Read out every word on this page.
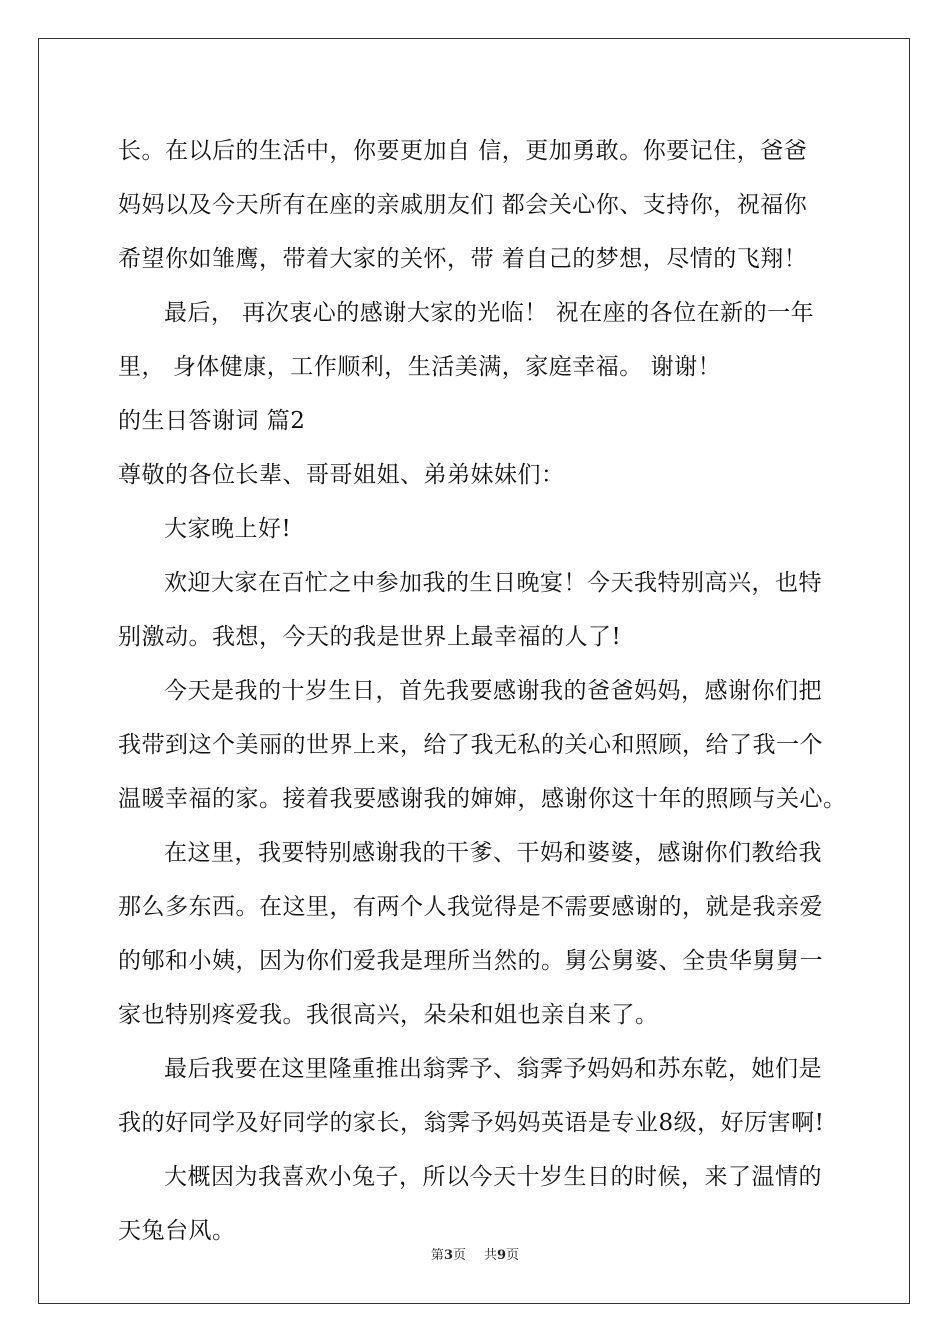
长。在以后的生活中，你要更加自 信，更加勇敢。你要记住，爸爸
妈妈以及今天所有在座的亲戚朋友们 都会关心你、支持你，祝福你
希望你如雏鹰，带着大家的关怀，带 着自己的梦想，尽情的飞翔！
最后， 再次衷心的感谢大家的光临！ 祝在座的各位在新的一年
里， 身体健康，工作顺利，生活美满，家庭幸福。 谢谢！
的生日答谢词 篇2
尊敬的各位长辈、哥哥姐姐、弟弟妹妹们：
大家晚上好!
欢迎大家在百忙之中参加我的生日晚宴！今天我特别高兴，也特
别激动。我想，今天的我是世界上最幸福的人了!
今天是我的十岁生日，首先我要感谢我的爸爸妈妈，感谢你们把
我带到这个美丽的世界上来，给了我无私的关心和照顾，给了我一个
温暖幸福的家。接着我要感谢我的婶婶，感谢你这十年的照顾与关心。
在这里，我要特别感谢我的干爹、干妈和婆婆，感谢你们教给我
那么多东西。在这里，有两个人我觉得是不需要感谢的，就是我亲爱
的郇和小姨，因为你们爱我是理所当然的。舅公舅婆、全贵华舅舅一
家也特别疼爱我。我很高兴，朵朵和姐也亲自来了。
最后我要在这里隆重推出翁霁予、翁霁予妈妈和苏东乾，她们是
我的好同学及好同学的家长，翁霁予妈妈英语是专业8级，好厉害啊!
大概因为我喜欢小兔子，所以今天十岁生日的时候，来了温情的
天兔台风。
第3页 共9页
